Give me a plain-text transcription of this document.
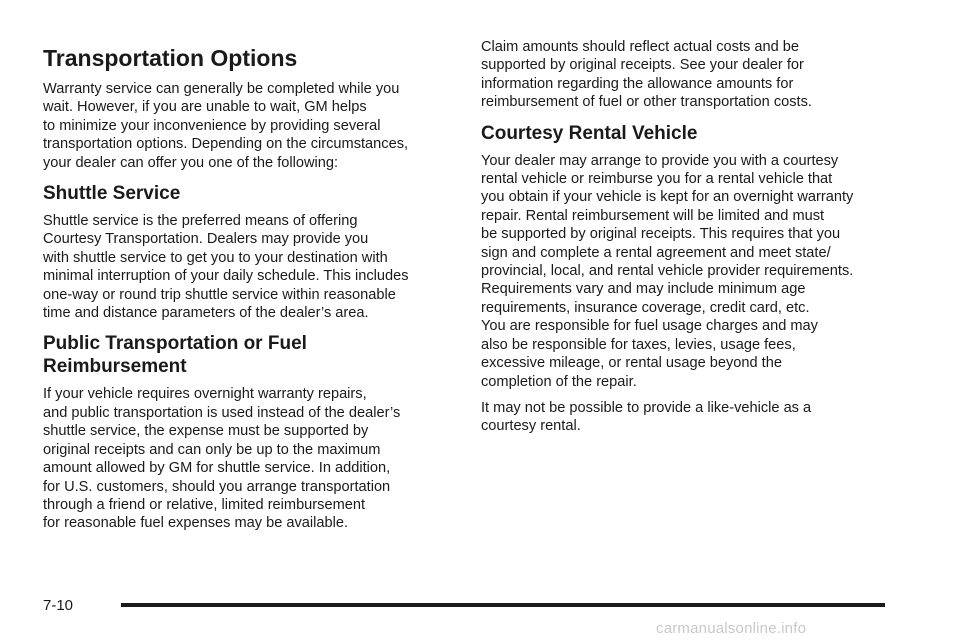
Transportation Options
Warranty service can generally be completed while you
wait. However, if you are unable to wait, GM helps
to minimize your inconvenience by providing several
transportation options. Depending on the circumstances,
your dealer can offer you one of the following:
Shuttle Service
Shuttle service is the preferred means of offering
Courtesy Transportation. Dealers may provide you
with shuttle service to get you to your destination with
minimal interruption of your daily schedule. This includes
one-way or round trip shuttle service within reasonable
time and distance parameters of the dealer’s area.
Public Transportation or Fuel
Reimbursement
If your vehicle requires overnight warranty repairs,
and public transportation is used instead of the dealer’s
shuttle service, the expense must be supported by
original receipts and can only be up to the maximum
amount allowed by GM for shuttle service. In addition,
for U.S. customers, should you arrange transportation
through a friend or relative, limited reimbursement
for reasonable fuel expenses may be available.
Claim amounts should reflect actual costs and be
supported by original receipts. See your dealer for
information regarding the allowance amounts for
reimbursement of fuel or other transportation costs.
Courtesy Rental Vehicle
Your dealer may arrange to provide you with a courtesy
rental vehicle or reimburse you for a rental vehicle that
you obtain if your vehicle is kept for an overnight warranty
repair. Rental reimbursement will be limited and must
be supported by original receipts. This requires that you
sign and complete a rental agreement and meet state/
provincial, local, and rental vehicle provider requirements.
Requirements vary and may include minimum age
requirements, insurance coverage, credit card, etc.
You are responsible for fuel usage charges and may
also be responsible for taxes, levies, usage fees,
excessive mileage, or rental usage beyond the
completion of the repair.
It may not be possible to provide a like-vehicle as a
courtesy rental.
7-10
carmanualsonline.info
